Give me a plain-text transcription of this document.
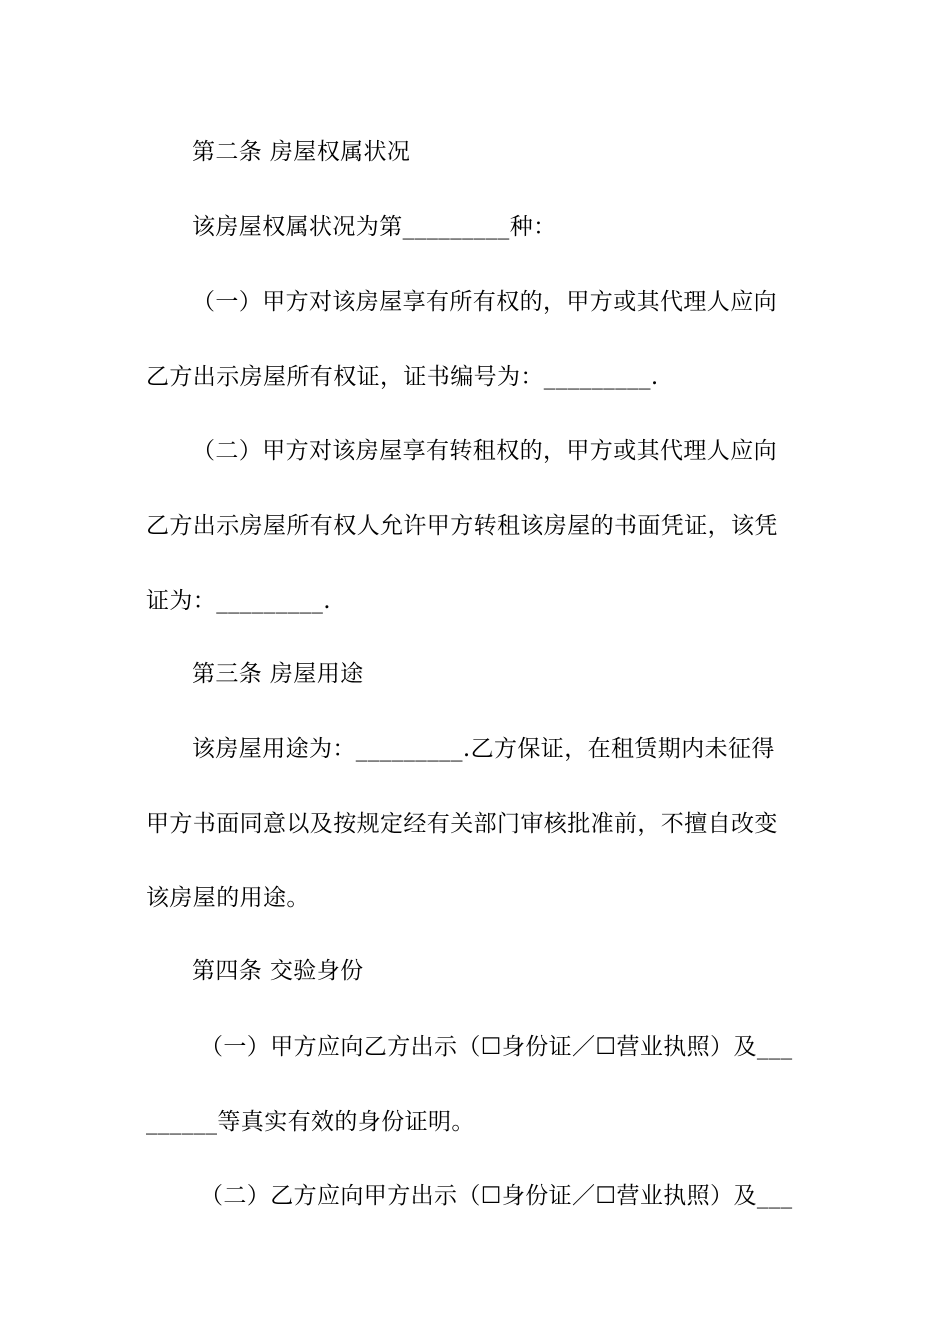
第二条 房屋权属状况
该房屋权属状况为第_________种：
（一）甲方对该房屋享有所有权的，甲方或其代理人应向
乙方出示房屋所有权证，证书编号为：_________.
（二）甲方对该房屋享有转租权的，甲方或其代理人应向
乙方出示房屋所有权人允许甲方转租该房屋的书面凭证，该凭
证为：_________.
第三条 房屋用途
该房屋用途为：_________.乙方保证，在租赁期内未征得
甲方书面同意以及按规定经有关部门审核批准前，不擅自改变
该房屋的用途。
第四条 交验身份
（一）甲方应向乙方出示（☐身份证／☐营业执照）及___
______等真实有效的身份证明。
（二）乙方应向甲方出示（☐身份证／☐营业执照）及___
